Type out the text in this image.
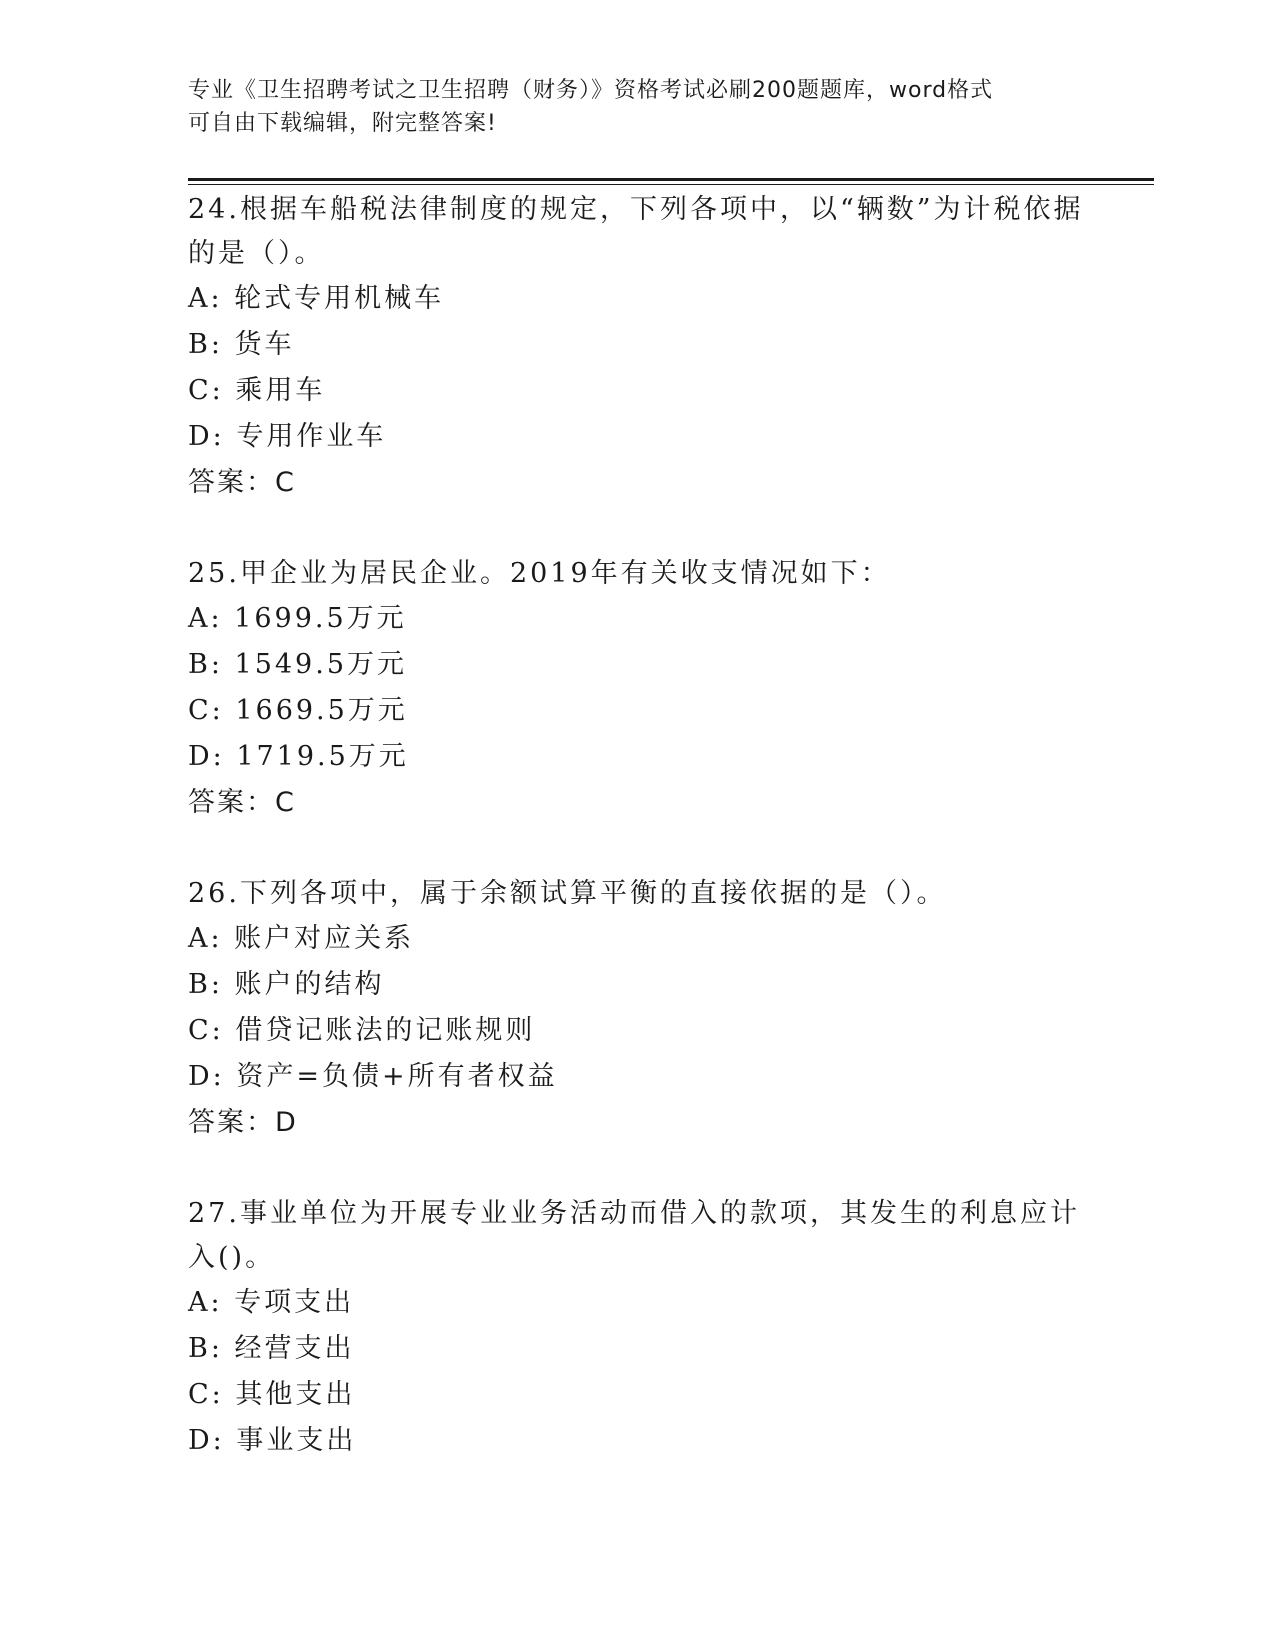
专业《卫生招聘考试之卫生招聘（财务）》资格考试必刷200题题库，word格式
可自由下载编辑，附完整答案!
24.根据车船税法律制度的规定，下列各项中，以“辆数”为计税依据的是（）。
A: 轮式专用机械车
B: 货车
C: 乘用车
D: 专用作业车
答案：C
25.甲企业为居民企业。2019年有关收支情况如下：
A: 1699.5万元
B: 1549.5万元
C: 1669.5万元
D: 1719.5万元
答案：C
26.下列各项中，属于余额试算平衡的直接依据的是（）。
A: 账户对应关系
B: 账户的结构
C: 借贷记账法的记账规则
D: 资产=负债+所有者权益
答案：D
27.事业单位为开展专业业务活动而借入的款项，其发生的利息应计入()。
A: 专项支出
B: 经营支出
C: 其他支出
D: 事业支出
